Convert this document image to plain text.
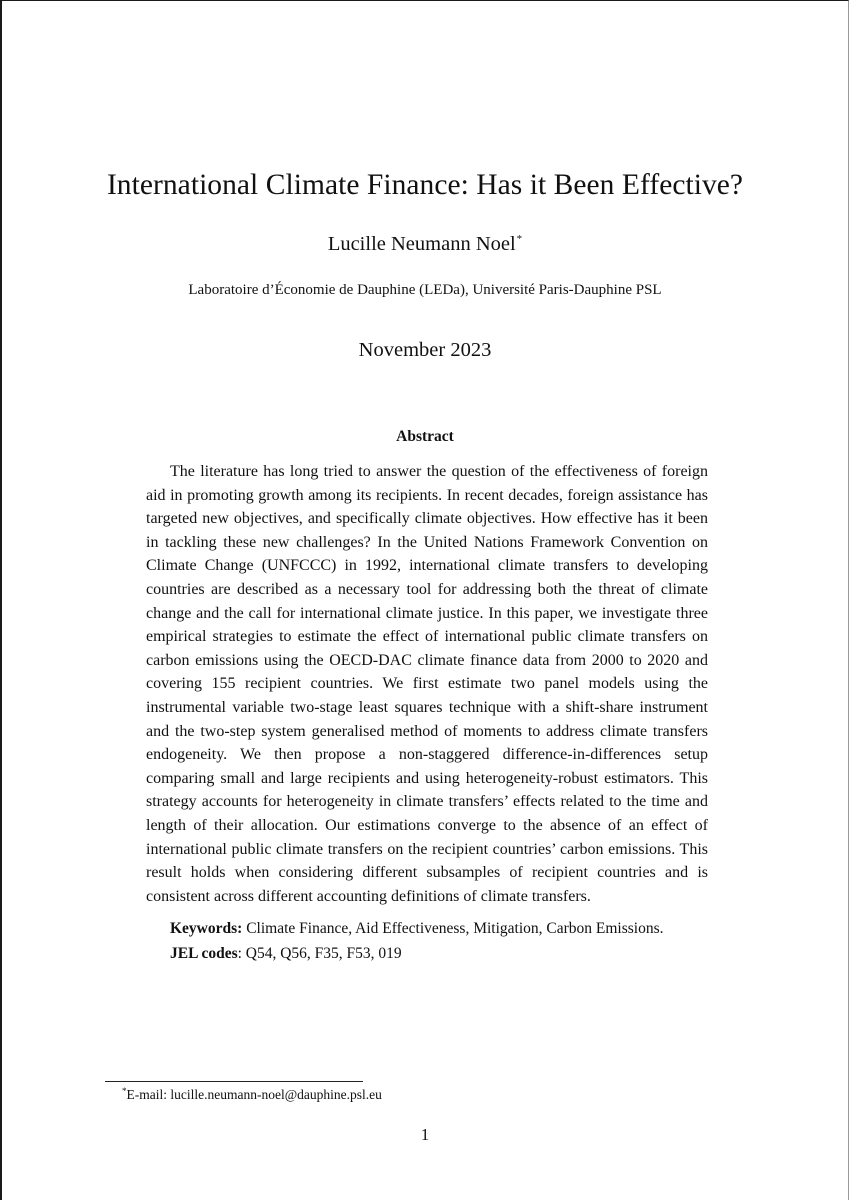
International Climate Finance: Has it Been Effective?
Lucille Neumann Noel*
Laboratoire d’Économie de Dauphine (LEDa), Université Paris-Dauphine PSL
November 2023
Abstract

The literature has long tried to answer the question of the effectiveness of foreign aid in promoting growth among its recipients. In recent decades, foreign assistance has targeted new objectives, and specifically climate objectives. How effective has it been in tackling these new challenges? In the United Nations Framework Convention on Climate Change (UNFCCC) in 1992, international climate transfers to developing countries are described as a necessary tool for addressing both the threat of climate change and the call for international climate justice. In this paper, we investigate three empirical strategies to estimate the effect of international public climate transfers on carbon emissions using the OECD-DAC climate finance data from 2000 to 2020 and covering 155 recipient countries. We first estimate two panel models using the instrumental variable two-stage least squares technique with a shift-share instrument and the two-step system generalised method of moments to address climate transfers endogeneity. We then propose a non-staggered difference-in-differences setup comparing small and large recipients and using heterogeneity-robust estimators. This strategy accounts for heterogeneity in climate transfers’ effects related to the time and length of their allocation. Our estimations converge to the absence of an effect of international public climate transfers on the recipient countries’ carbon emissions. This result holds when considering different subsamples of recipient countries and is consistent across different accounting definitions of climate transfers.

Keywords: Climate Finance, Aid Effectiveness, Mitigation, Carbon Emissions.
JEL codes: Q54, Q56, F35, F53, 019
*E-mail: lucille.neumann-noel@dauphine.psl.eu
1
